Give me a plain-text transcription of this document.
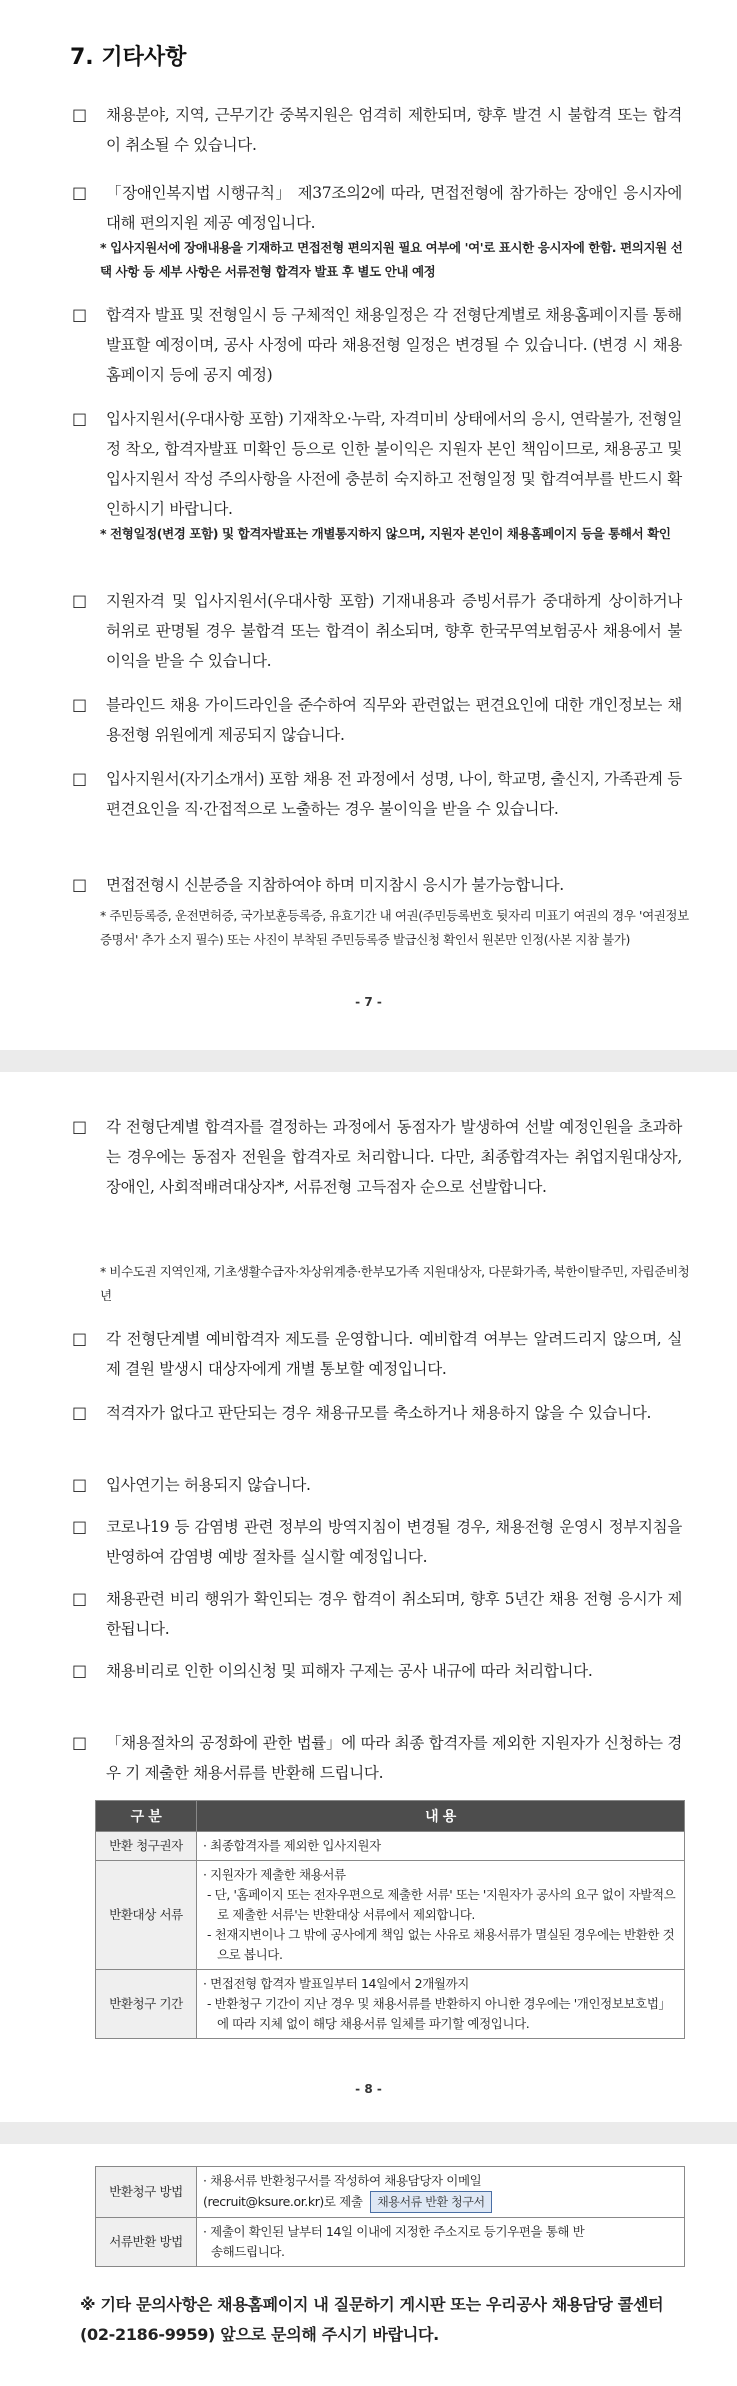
7. 기타사항
□ 채용분야, 지역, 근무기간 중복지원은 엄격히 제한되며, 향후 발견 시 불합격 또는 합격이 취소될 수 있습니다.
□ 「장애인복지법 시행규칙」 제37조의2에 따라, 면접전형에 참가하는 장애인 응시자에 대해 편의지원 제공 예정입니다.
* 입사지원서에 장애내용을 기재하고 면접전형 편의지원 필요 여부에 '여'로 표시한 응시자에 한함. 편의지원 선택 사항 등 세부 사항은 서류전형 합격자 발표 후 별도 안내 예정
□ 합격자 발표 및 전형일시 등 구체적인 채용일정은 각 전형단계별로 채용홈페이지를 통해 발표할 예정이며, 공사 사정에 따라 채용전형 일정은 변경될 수 있습니다. (변경 시 채용홈페이지 등에 공지 예정)
□ 입사지원서(우대사항 포함) 기재착오·누락, 자격미비 상태에서의 응시, 연락불가, 전형일정 착오, 합격자발표 미확인 등으로 인한 불이익은 지원자 본인 책임이므로, 채용공고 및 입사지원서 작성 주의사항을 사전에 충분히 숙지하고 전형일정 및 합격여부를 반드시 확인하시기 바랍니다.
* 전형일정(변경 포함) 및 합격자발표는 개별통지하지 않으며, 지원자 본인이 채용홈페이지 등을 통해서 확인
□ 지원자격 및 입사지원서(우대사항 포함) 기재내용과 증빙서류가 중대하게 상이하거나 허위로 판명될 경우 불합격 또는 합격이 취소되며, 향후 한국무역보험공사 채용에서 불이익을 받을 수 있습니다.
□ 블라인드 채용 가이드라인을 준수하여 직무와 관련없는 편견요인에 대한 개인정보는 채용전형 위원에게 제공되지 않습니다.
□ 입사지원서(자기소개서) 포함 채용 전 과정에서 성명, 나이, 학교명, 출신지, 가족관계 등 편견요인을 직·간접적으로 노출하는 경우 불이익을 받을 수 있습니다.
□ 면접전형시 신분증을 지참하여야 하며 미지참시 응시가 불가능합니다.
* 주민등록증, 운전면허증, 국가보훈등록증, 유효기간 내 여권(주민등록번호 뒷자리 미표기 여권의 경우 '여권정보증명서' 추가 소지 필수) 또는 사진이 부착된 주민등록증 발급신청 확인서 원본만 인정(사본 지참 불가)
- 7 -
□ 각 전형단계별 합격자를 결정하는 과정에서 동점자가 발생하여 선발 예정인원을 초과하는 경우에는 동점자 전원을 합격자로 처리합니다. 다만, 최종합격자는 취업지원대상자, 장애인, 사회적배려대상자*, 서류전형 고득점자 순으로 선발합니다.
* 비수도권 지역인재, 기초생활수급자·차상위계층·한부모가족 지원대상자, 다문화가족, 북한이탈주민, 자립준비청년
□ 각 전형단계별 예비합격자 제도를 운영합니다. 예비합격 여부는 알려드리지 않으며, 실제 결원 발생시 대상자에게 개별 통보할 예정입니다.
□ 적격자가 없다고 판단되는 경우 채용규모를 축소하거나 채용하지 않을 수 있습니다.
□ 입사연기는 허용되지 않습니다.
□ 코로나19 등 감염병 관련 정부의 방역지침이 변경될 경우, 채용전형 운영시 정부지침을 반영하여 감염병 예방 절차를 실시할 예정입니다.
□ 채용관련 비리 행위가 확인되는 경우 합격이 취소되며, 향후 5년간 채용 전형 응시가 제한됩니다.
□ 채용비리로 인한 이의신청 및 피해자 구제는 공사 내규에 따라 처리합니다.
□ 「채용절차의 공정화에 관한 법률」에 따라 최종 합격자를 제외한 지원자가 신청하는 경우 기 제출한 채용서류를 반환해 드립니다.
구 분	내 용
반환 청구권자	· 최종합격자를 제외한 입사지원자
반환대상 서류	· 지원자가 제출한 채용서류
- 단, '홈페이지 또는 전자우편으로 제출한 서류' 또는 '지원자가 공사의 요구 없이 자발적으로 제출한 서류'는 반환대상 서류에서 제외합니다.
- 천재지변이나 그 밖에 공사에게 책임 없는 사유로 채용서류가 멸실된 경우에는 반환한 것으로 봅니다.

반환청구 기간	· 면접전형 합격자 발표일부터 14일에서 2개월까지
- 반환청구 기간이 지난 경우 및 채용서류를 반환하지 아니한 경우에는 '개인정보보호법」에 따라 지체 없이 해당 채용서류 일체를 파기할 예정입니다.
- 8 -
반환청구 방법	· 채용서류 반환청구서를 작성하여 채용담당자 이메일
(recruit@ksure.or.kr)로 제출 채용서류 반환 청구서
서류반환 방법	· 제출이 확인된 날부터 14일 이내에 지정한 주소지로 등기우편을 통해 반
송해드립니다.
※ 기타 문의사항은 채용홈페이지 내 질문하기 게시판 또는 우리공사 채용담당 콜센터(02-2186-9959) 앞으로 문의해 주시기 바랍니다.
